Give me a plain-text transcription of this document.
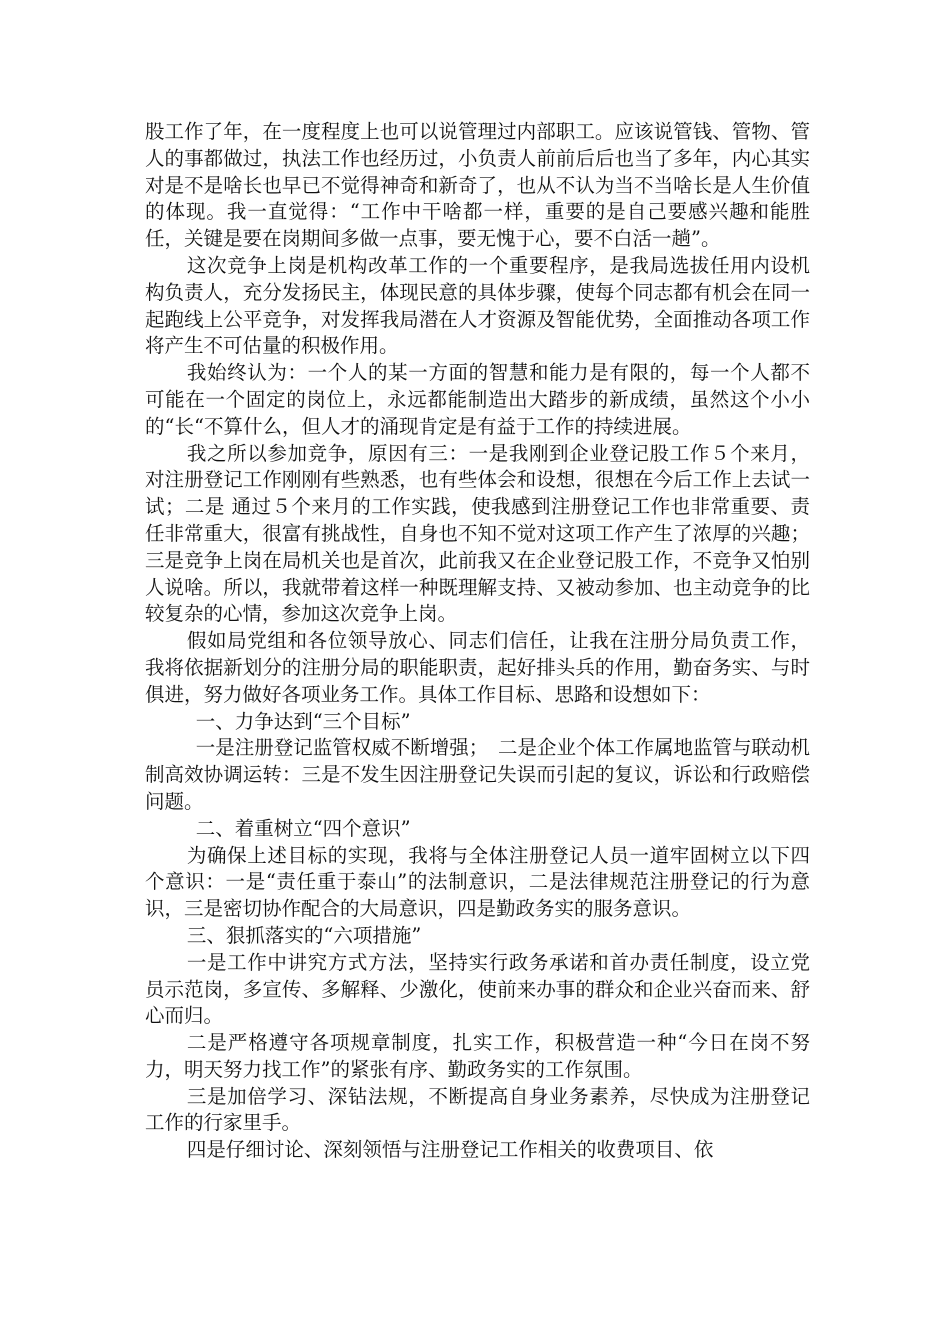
股工作了年，在一度程度上也可以说管理过内部职工。应该说管钱、管物、管人的事都做过，执法工作也经历过，小负责人前前后后也当了多年，内心其实对是不是啥长也早已不觉得神奇和新奇了，也从不认为当不当啥长是人生价值的体现。我一直觉得：“工作中干啥都一样，重要的是自己要感兴趣和能胜任，关键是要在岗期间多做一点事，要无愧于心，要不白活一趟”。

这次竞争上岗是机构改革工作的一个重要程序，是我局选拔任用内设机构负责人，充分发扬民主，体现民意的具体步骤，使每个同志都有机会在同一起跑线上公平竞争，对发挥我局潜在人才资源及智能优势，全面推动各项工作将产生不可估量的积极作用。

我始终认为：一个人的某一方面的智慧和能力是有限的，每一个人都不可能在一个固定的岗位上，永远都能制造出大踏步的新成绩，虽然这个小小的“长“不算什么，但人才的涌现肯定是有益于工作的持续进展。

我之所以参加竞争，原因有三：一是我刚到企业登记股工作５个来月，对注册登记工作刚刚有些熟悉，也有些体会和设想，很想在今后工作上去试一试；二是 通过５个来月的工作实践，使我感到注册登记工作也非常重要、责任非常重大，很富有挑战性，自身也不知不觉对这项工作产生了浓厚的兴趣；三是竞争上岗在局机关也是首次，此前我又在企业登记股工作，不竞争又怕别人说啥。所以，我就带着这样一种既理解支持、又被动参加、也主动竞争的比较复杂的心情，参加这次竞争上岗。

假如局党组和各位领导放心、同志们信任，让我在注册分局负责工作，我将依据新划分的注册分局的职能职责，起好排头兵的作用，勤奋务实、与时俱进，努力做好各项业务工作。具体工作目标、思路和设想如下：

一、力争达到“三个目标”

一是注册登记监管权威不断增强；　二是企业个体工作属地监管与联动机制高效协调运转：三是不发生因注册登记失误而引起的复议，诉讼和行政赔偿问题。

二、着重树立“四个意识”

为确保上述目标的实现，我将与全体注册登记人员一道牢固树立以下四个意识：一是“责任重于泰山”的法制意识，二是法律规范注册登记的行为意识，三是密切协作配合的大局意识，四是勤政务实的服务意识。

三、狠抓落实的“六项措施”

一是工作中讲究方式方法，坚持实行政务承诺和首办责任制度，设立党员示范岗，多宣传、多解释、少激化，使前来办事的群众和企业兴奋而来、舒心而归。

二是严格遵守各项规章制度，扎实工作，积极营造一种“今日在岗不努力，明天努力找工作”的紧张有序、勤政务实的工作氛围。

三是加倍学习、深钻法规，不断提高自身业务素养，尽快成为注册登记工作的行家里手。

四是仔细讨论、深刻领悟与注册登记工作相关的收费项目、依
